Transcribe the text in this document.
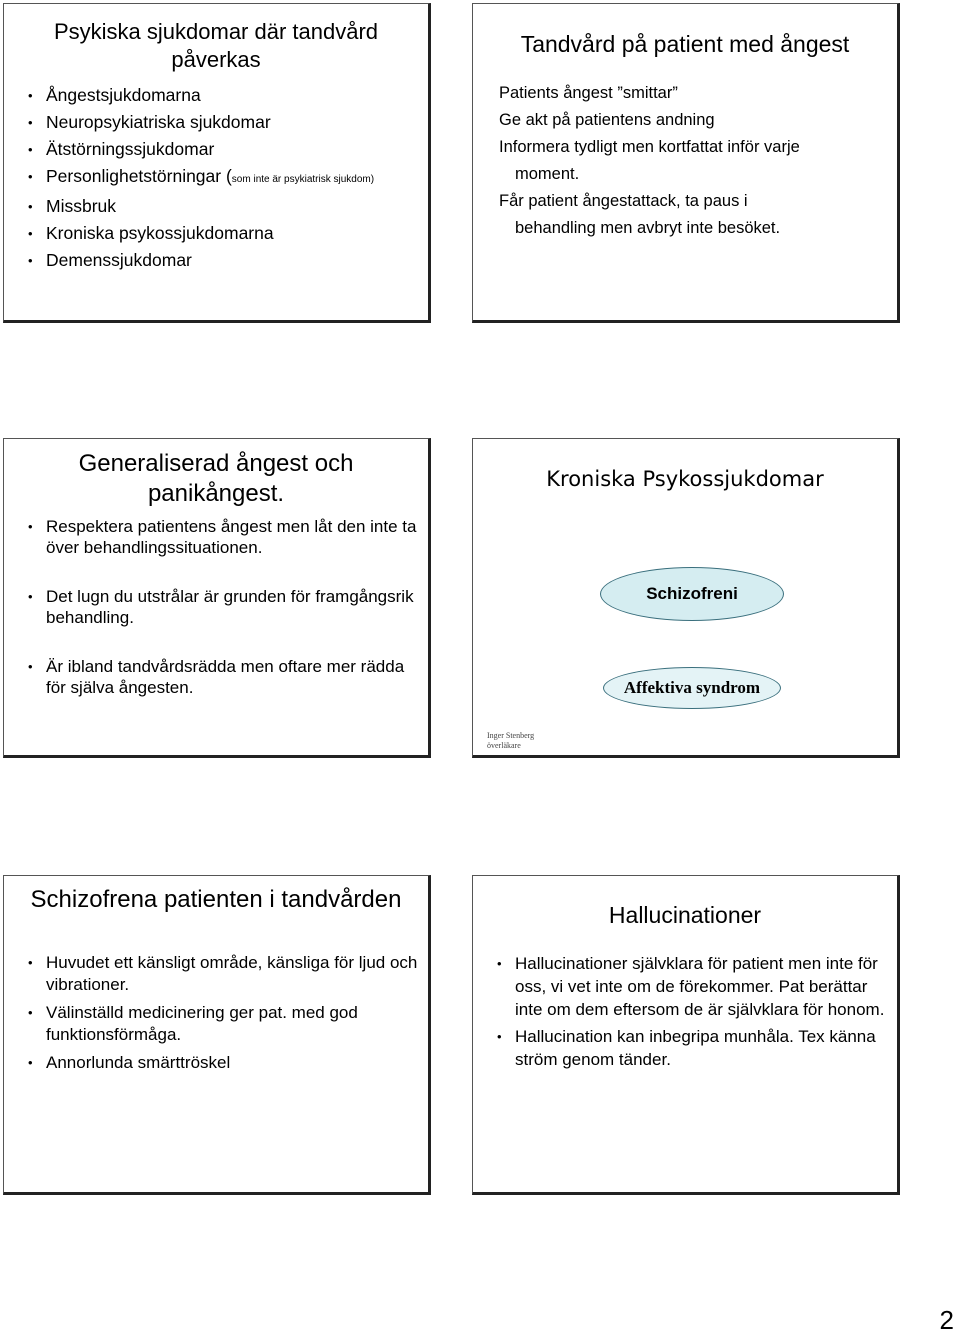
Psykiska sjukdomar där tandvård påverkas
• Ångestsjukdomarna
• Neuropsykiatriska sjukdomar
• Ätstörningssjukdomar
• Personlighetstörningar (som inte är psykiatrisk sjukdom)
• Missbruk
• Kroniska psykossjukdomarna
• Demenssjukdomar
Tandvård på patient med ångest
Patients ångest ”smittar”
Ge akt på patientens andning
Informera tydligt men kortfattat inför varje
moment.
Får patient ångestattack, ta paus i
behandling men avbryt inte besöket.
Generaliserad ångest och panikångest.
• Respektera patientens ångest men låt den inte ta över behandlingssituationen.
• Det lugn du utstrålar är grunden för framgångsrik behandling.
• Är ibland tandvårdsrädda men oftare mer rädda för själva ångesten.
Kroniska Psykossjukdomar
Schizofreni
Affektiva syndrom
Inger Stenberg
överläkare
Schizofrena patienten i tandvården
• Huvudet ett känsligt område, känsliga för ljud och vibrationer.
• Välinställd medicinering ger pat. med god funktionsförmåga.
• Annorlunda smärttröskel
Hallucinationer
• Hallucinationer självklara för patient men inte för oss, vi vet inte om de förekommer. Pat berättar inte om dem eftersom de är självklara för honom.
• Hallucination kan inbegripa munhåla. Tex känna ström genom tänder.
2
